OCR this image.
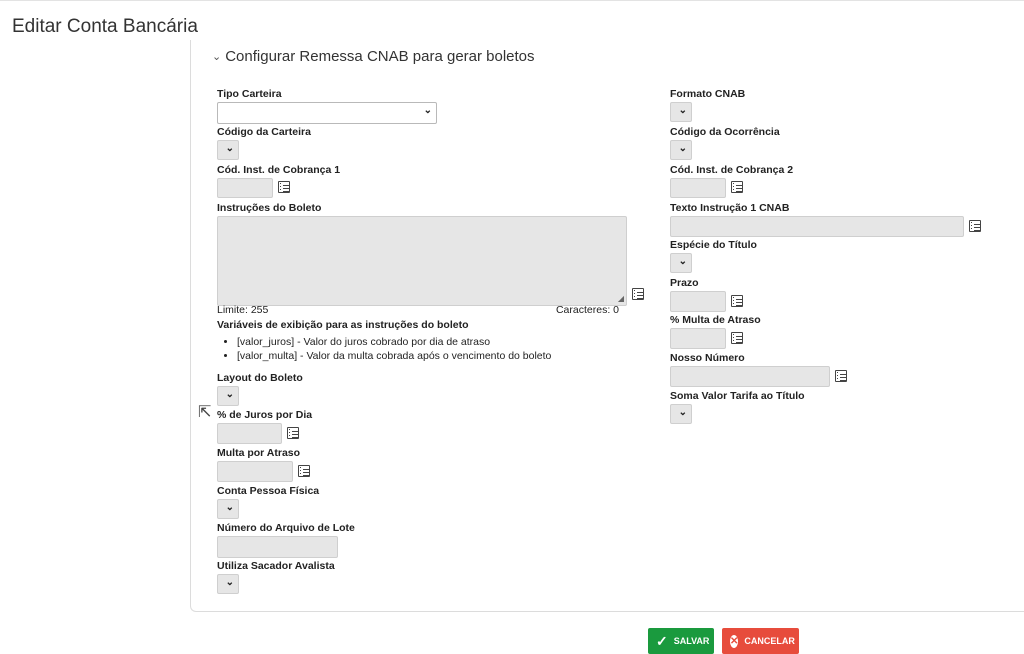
Editar Conta Bancária
⌄ Configurar Remessa CNAB para gerar boletos
Tipo Carteira
⌄
Código da Carteira
⌄
Cód. Inst. de Cobrança 1
Instruções do Boleto
◢
Limite: 255	Caracteres: 0
Variáveis de exibição para as instruções do boleto
• [valor_juros] - Valor do juros cobrado por dia de atraso
• [valor_multa] - Valor da multa cobrada após o vencimento do boleto
Layout do Boleto
⌄
% de Juros por Dia
Multa por Atraso
Conta Pessoa Física
⌄
Número do Arquivo de Lote
Utiliza Sacador Avalista
⌄
Formato CNAB
⌄
Código da Ocorrência
⌄
Cód. Inst. de Cobrança 2
Texto Instrução 1 CNAB
Espécie do Título
⌄
Prazo
% Multa de Atraso
Nosso Número
Soma Valor Tarifa ao Título
⌄
✓ SALVAR ✕ CANCELAR
⇱
